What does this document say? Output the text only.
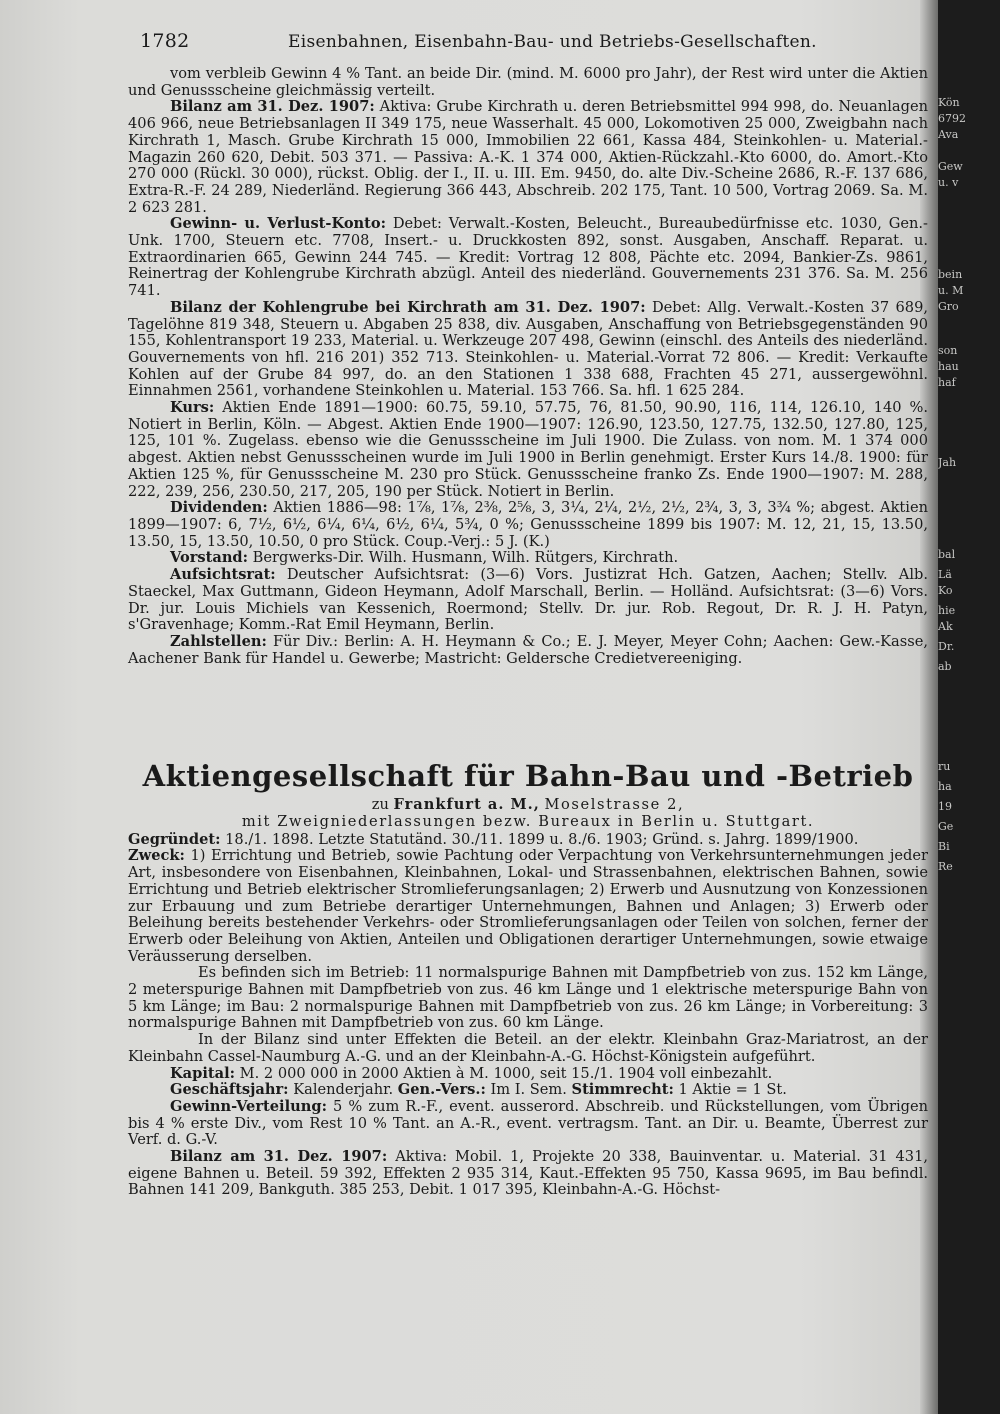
Kön
6792
Ava
Gew
u. v
bein
u. M
Gro
son
hau
haf
Jah
bal
Lä
Ko
hie
Ak
Dr.
ab
ru
ha
19
Ge
Bi
Re
1782	Eisenbahnen, Eisenbahn-Bau- und Betriebs-Gesellschaften.

vom verbleib Gewinn 4 % Tant. an beide Dir. (mind. M. 6000 pro Jahr), der Rest wird unter die Aktien und Genussscheine gleichmässig verteilt.

Bilanz am 31. Dez. 1907: Aktiva: Grube Kirchrath u. deren Betriebsmittel 994 998, do. Neuanlagen 406 966, neue Betriebsanlagen II 349 175, neue Wasserhalt. 45 000, Lokomotiven 25 000, Zweigbahn nach Kirchrath 1, Masch. Grube Kirchrath 15 000, Immobilien 22 661, Kassa 484, Steinkohlen- u. Material.-Magazin 260 620, Debit. 503 371. — Passiva: A.-K. 1 374 000, Aktien-Rückzahl.-Kto 6000, do. Amort.-Kto 270 000 (Rückl. 30 000), rückst. Oblig. der I., II. u. III. Em. 9450, do. alte Div.-Scheine 2686, R.-F. 137 686, Extra-R.-F. 24 289, Niederländ. Regierung 366 443, Abschreib. 202 175, Tant. 10 500, Vortrag 2069. Sa. M. 2 623 281.

Gewinn- u. Verlust-Konto: Debet: Verwalt.-Kosten, Beleucht., Bureaubedürfnisse etc. 1030, Gen.-Unk. 1700, Steuern etc. 7708, Insert.- u. Druckkosten 892, sonst. Ausgaben, Anschaff. Reparat. u. Extraordinarien 665, Gewinn 244 745. — Kredit: Vortrag 12 808, Pächte etc. 2094, Bankier-Zs. 9861, Reinertrag der Kohlengrube Kirchrath abzügl. Anteil des niederländ. Gouvernements 231 376. Sa. M. 256 741.

Bilanz der Kohlengrube bei Kirchrath am 31. Dez. 1907: Debet: Allg. Verwalt.-Kosten 37 689, Tagelöhne 819 348, Steuern u. Abgaben 25 838, div. Ausgaben, Anschaffung von Betriebsgegenständen 90 155, Kohlentransport 19 233, Material. u. Werkzeuge 207 498, Gewinn (einschl. des Anteils des niederländ. Gouvernements von hfl. 216 201) 352 713. Steinkohlen- u. Material.-Vorrat 72 806. — Kredit: Verkaufte Kohlen auf der Grube 84 997, do. an den Stationen 1 338 688, Frachten 45 271, aussergewöhnl. Einnahmen 2561, vorhandene Steinkohlen u. Material. 153 766. Sa. hfl. 1 625 284.

Kurs: Aktien Ende 1891—1900: 60.75, 59.10, 57.75, 76, 81.50, 90.90, 116, 114, 126.10, 140 %. Notiert in Berlin, Köln. — Abgest. Aktien Ende 1900—1907: 126.90, 123.50, 127.75, 132.50, 127.80, 125, 125, 101 %. Zugelass. ebenso wie die Genussscheine im Juli 1900. Die Zulass. von nom. M. 1 374 000 abgest. Aktien nebst Genussscheinen wurde im Juli 1900 in Berlin genehmigt. Erster Kurs 14./8. 1900: für Aktien 125 %, für Genussscheine M. 230 pro Stück. Genussscheine franko Zs. Ende 1900—1907: M. 288, 222, 239, 256, 230.50, 217, 205, 190 per Stück. Notiert in Berlin.

Dividenden: Aktien 1886—98: 1⅞, 1⅞, 2⅜, 2⅝, 3, 3¼, 2¼, 2½, 2½, 2¾, 3, 3, 3¾ %; abgest. Aktien 1899—1907: 6, 7½, 6½, 6¼, 6¼, 6½, 6¼, 5¾, 0 %; Genussscheine 1899 bis 1907: M. 12, 21, 15, 13.50, 13.50, 15, 13.50, 10.50, 0 pro Stück. Coup.-Verj.: 5 J. (K.)

Vorstand: Bergwerks-Dir. Wilh. Husmann, Wilh. Rütgers, Kirchrath.

Aufsichtsrat: Deutscher Aufsichtsrat: (3—6) Vors. Justizrat Hch. Gatzen, Aachen; Stellv. Alb. Staeckel, Max Guttmann, Gideon Heymann, Adolf Marschall, Berlin. — Holländ. Aufsichtsrat: (3—6) Vors. Dr. jur. Louis Michiels van Kessenich, Roermond; Stellv. Dr. jur. Rob. Regout, Dr. R. J. H. Patyn, s'Gravenhage; Komm.-Rat Emil Heymann, Berlin.

Zahlstellen: Für Div.: Berlin: A. H. Heymann & Co.; E. J. Meyer, Meyer Cohn; Aachen: Gew.-Kasse, Aachener Bank für Handel u. Gewerbe; Mastricht: Geldersche Credietvereeniging.

Aktiengesellschaft für Bahn-Bau und -Betrieb
zu Frankfurt a. M., Moselstrasse 2,
mit Zweigniederlassungen bezw. Bureaux in Berlin u. Stuttgart.

Gegründet: 18./1. 1898. Letzte Statutänd. 30./11. 1899 u. 8./6. 1903; Gründ. s. Jahrg. 1899/1900.

Zweck: 1) Errichtung und Betrieb, sowie Pachtung oder Verpachtung von Verkehrsunternehmungen jeder Art, insbesondere von Eisenbahnen, Kleinbahnen, Lokal- und Strassenbahnen, elektrischen Bahnen, sowie Errichtung und Betrieb elektrischer Stromlieferungsanlagen; 2) Erwerb und Ausnutzung von Konzessionen zur Erbauung und zum Betriebe derartiger Unternehmungen, Bahnen und Anlagen; 3) Erwerb oder Beleihung bereits bestehender Verkehrs- oder Stromlieferungsanlagen oder Teilen von solchen, ferner der Erwerb oder Beleihung von Aktien, Anteilen und Obligationen derartiger Unternehmungen, sowie etwaige Veräusserung derselben.

Es befinden sich im Betrieb: 11 normalspurige Bahnen mit Dampfbetrieb von zus. 152 km Länge, 2 meterspurige Bahnen mit Dampfbetrieb von zus. 46 km Länge und 1 elektrische meterspurige Bahn von 5 km Länge; im Bau: 2 normalspurige Bahnen mit Dampfbetrieb von zus. 26 km Länge; in Vorbereitung: 3 normalspurige Bahnen mit Dampfbetrieb von zus. 60 km Länge.

In der Bilanz sind unter Effekten die Beteil. an der elektr. Kleinbahn Graz-Mariatrost, an der Kleinbahn Cassel-Naumburg A.-G. und an der Kleinbahn-A.-G. Höchst-Königstein aufgeführt.

Kapital: M. 2 000 000 in 2000 Aktien à M. 1000, seit 15./1. 1904 voll einbezahlt.

Geschäftsjahr: Kalenderjahr. Gen.-Vers.: Im I. Sem. Stimmrecht: 1 Aktie = 1 St.

Gewinn-Verteilung: 5 % zum R.-F., event. ausserord. Abschreib. und Rückstellungen, vom Übrigen bis 4 % erste Div., vom Rest 10 % Tant. an A.-R., event. vertragsm. Tant. an Dir. u. Beamte, Überrest zur Verf. d. G.-V.

Bilanz am 31. Dez. 1907: Aktiva: Mobil. 1, Projekte 20 338, Bauinventar. u. Material. 31 431, eigene Bahnen u. Beteil. 59 392, Effekten 2 935 314, Kaut.-Effekten 95 750, Kassa 9695, im Bau befindl. Bahnen 141 209, Bankguth. 385 253, Debit. 1 017 395, Kleinbahn-A.-G. Höchst-
